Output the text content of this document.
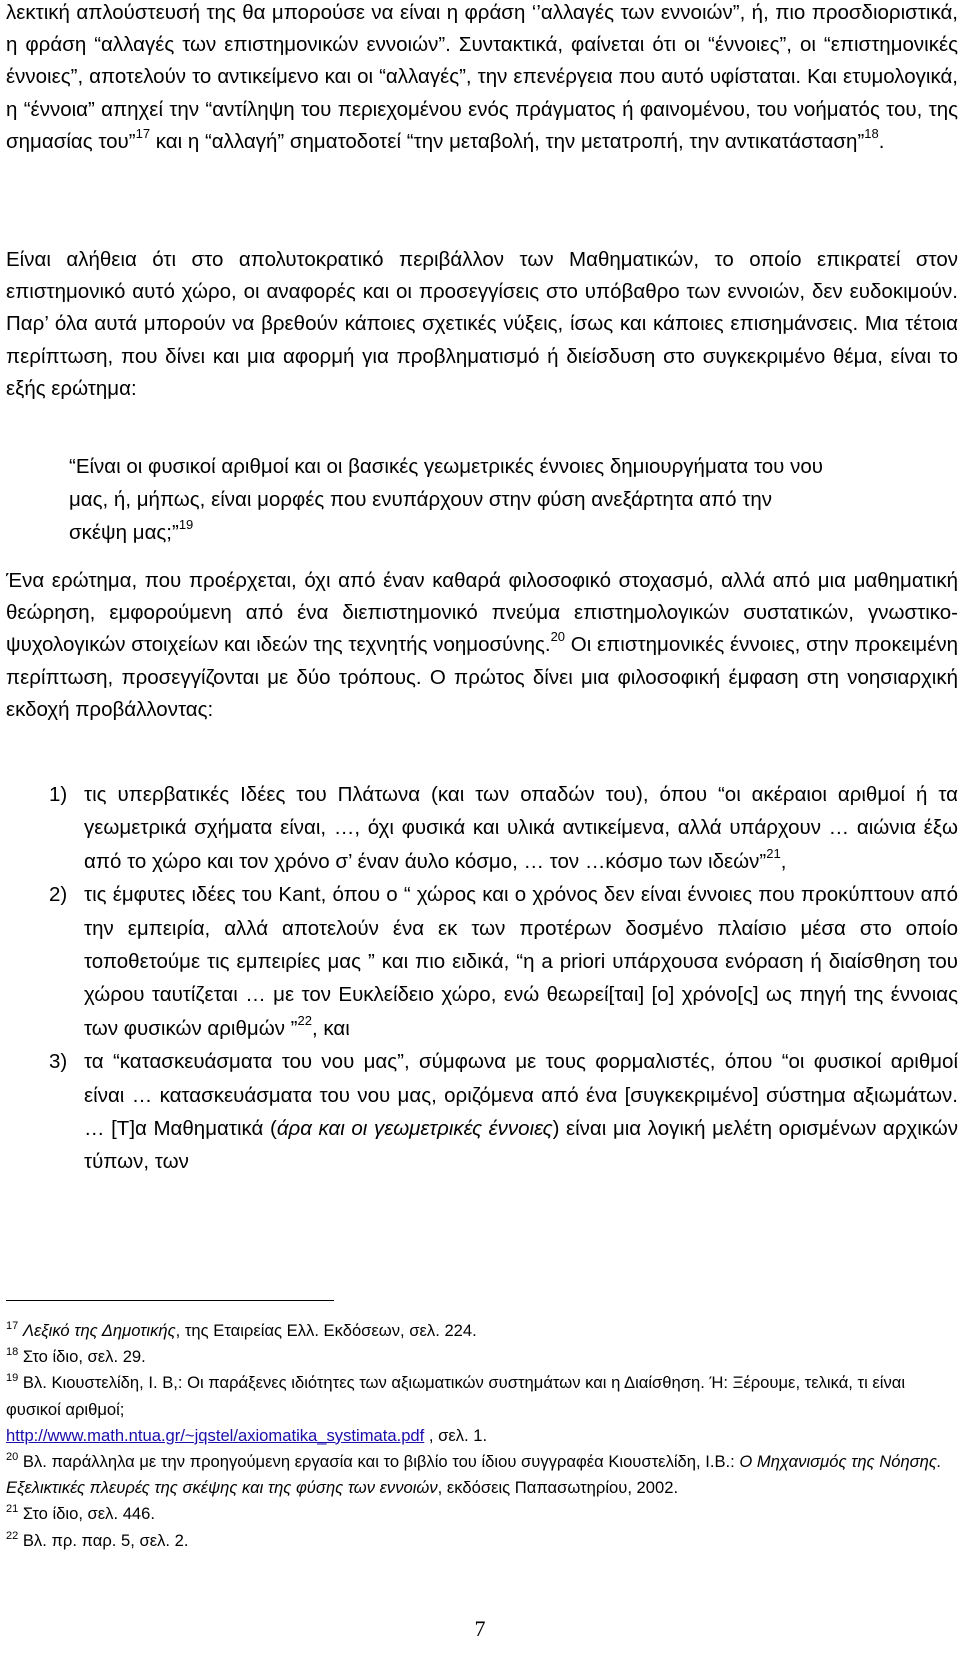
λεκτική απλούστευσή της θα μπορούσε να είναι η φράση ‘’αλλαγές των εννοιών”, ή, πιο προσδιοριστικά, η φράση “αλλαγές των επιστημονικών εννοιών”. Συντακτικά, φαίνεται ότι οι “έννοιες”, οι “επιστημονικές έννοιες”, αποτελούν το αντικείμενο και οι “αλλαγές”, την επενέργεια που αυτό υφίσταται. Και ετυμολογικά, η “έννοια” απηχεί την “αντίληψη του περιεχομένου ενός πράγματος ή φαινομένου, του νοήματός του, της σημασίας του”$^{17}$ και η “αλλαγή” σηματοδοτεί “την μεταβολή, την μετατροπή, την αντικατάσταση”$^{18}$.

Είναι αλήθεια ότι στο απολυτοκρατικό περιβάλλον των Μαθηματικών, το οποίο επικρατεί στον επιστημονικό αυτό χώρο, οι αναφορές και οι προσεγγίσεις στο υπόβαθρο των εννοιών, δεν ευδοκιμούν. Παρ’ όλα αυτά μπορούν να βρεθούν κάποιες σχετικές νύξεις, ίσως και κάποιες επισημάνσεις. Μια τέτοια περίπτωση, που δίνει και μια αφορμή για προβληματισμό ή διείσδυση στο συγκεκριμένο θέμα, είναι το εξής ερώτημα:

“Είναι οι φυσικοί αριθμοί και οι βασικές γεωμετρικές έννοιες δημιουργήματα του νου μας, ή, μήπως, είναι μορφές που ενυπάρχουν στην φύση ανεξάρτητα από την σκέψη μας;”$^{19}$

Ένα ερώτημα, που προέρχεται, όχι από έναν καθαρά φιλοσοφικό στοχασμό, αλλά από μια μαθηματική θεώρηση, εμφορούμενη από ένα διεπιστημονικό πνεύμα επιστημολογικών συστατικών, γνωστικο-ψυχολογικών στοιχείων και ιδεών της τεχνητής νοημοσύνης.$^{20}$ Οι επιστημονικές έννοιες, στην προκειμένη περίπτωση, προσεγγίζονται με δύο τρόπους. Ο πρώτος δίνει μια φιλοσοφική έμφαση στη νοησιαρχική εκδοχή προβάλλοντας:

1) τις υπερβατικές Ιδέες του Πλάτωνα (και των οπαδών του), όπου “οι ακέραιοι αριθμοί ή τα γεωμετρικά σχήματα είναι, …, όχι φυσικά και υλικά αντικείμενα, αλλά υπάρχουν … αιώνια έξω από το χώρο και τον χρόνο σ’ έναν άυλο κόσμο, … τον …κόσμο των ιδεών”$^{21}$,

2) τις έμφυτες ιδέες του Kant, όπου ο “ χώρος και ο χρόνος δεν είναι έννοιες που προκύπτουν από την εμπειρία, αλλά αποτελούν ένα εκ των προτέρων δοσμένο πλαίσιο μέσα στο οποίο τοποθετούμε τις εμπειρίες μας ” και πιο ειδικά, “η a priori υπάρχουσα ενόραση ή διαίσθηση του χώρου ταυτίζεται … με τον Ευκλείδειο χώρο, ενώ θεωρεί[ται] [ο] χρόνο[ς] ως πηγή της έννοιας των φυσικών αριθμών ”$^{22}$, και

3) τα “κατασκευάσματα του νου μας”, σύμφωνα με τους φορμαλιστές, όπου “οι φυσικοί αριθμοί είναι … κατασκευάσματα του νου μας, οριζόμενα από ένα [συγκεκριμένο] σύστημα αξιωμάτων. … [Τ]α Μαθηματικά (άρα και οι γεωμετρικές έννοιες) είναι μια λογική μελέτη ορισμένων αρχικών τύπων, των

$^{17}$ Λεξικό της Δημοτικής, της Εταιρείας Ελλ. Εκδόσεων, σελ. 224.

$^{18}$ Στο ίδιο, σελ. 29.

$^{19}$ Βλ. Κιουστελίδη, Ι. Β,: Οι παράξενες ιδιότητες των αξιωματικών συστημάτων και η Διαίσθηση. Ή: Ξέρουμε, τελικά, τι είναι φυσικοί αριθμοί;
http://www.math.ntua.gr/~jqstel/axiomatika_systimata.pdf , σελ. 1.

$^{20}$ Βλ. παράλληλα με την προηγούμενη εργασία και το βιβλίο του ίδιου συγγραφέα Κιουστελίδη, Ι.Β.: Ο Μηχανισμός της Νόησης. Εξελικτικές πλευρές της σκέψης και της φύσης των εννοιών, εκδόσεις Παπασωτηρίου, 2002.

$^{21}$ Στο ίδιο, σελ. 446.

$^{22}$ Βλ. πρ. παρ. 5, σελ. 2.

7
